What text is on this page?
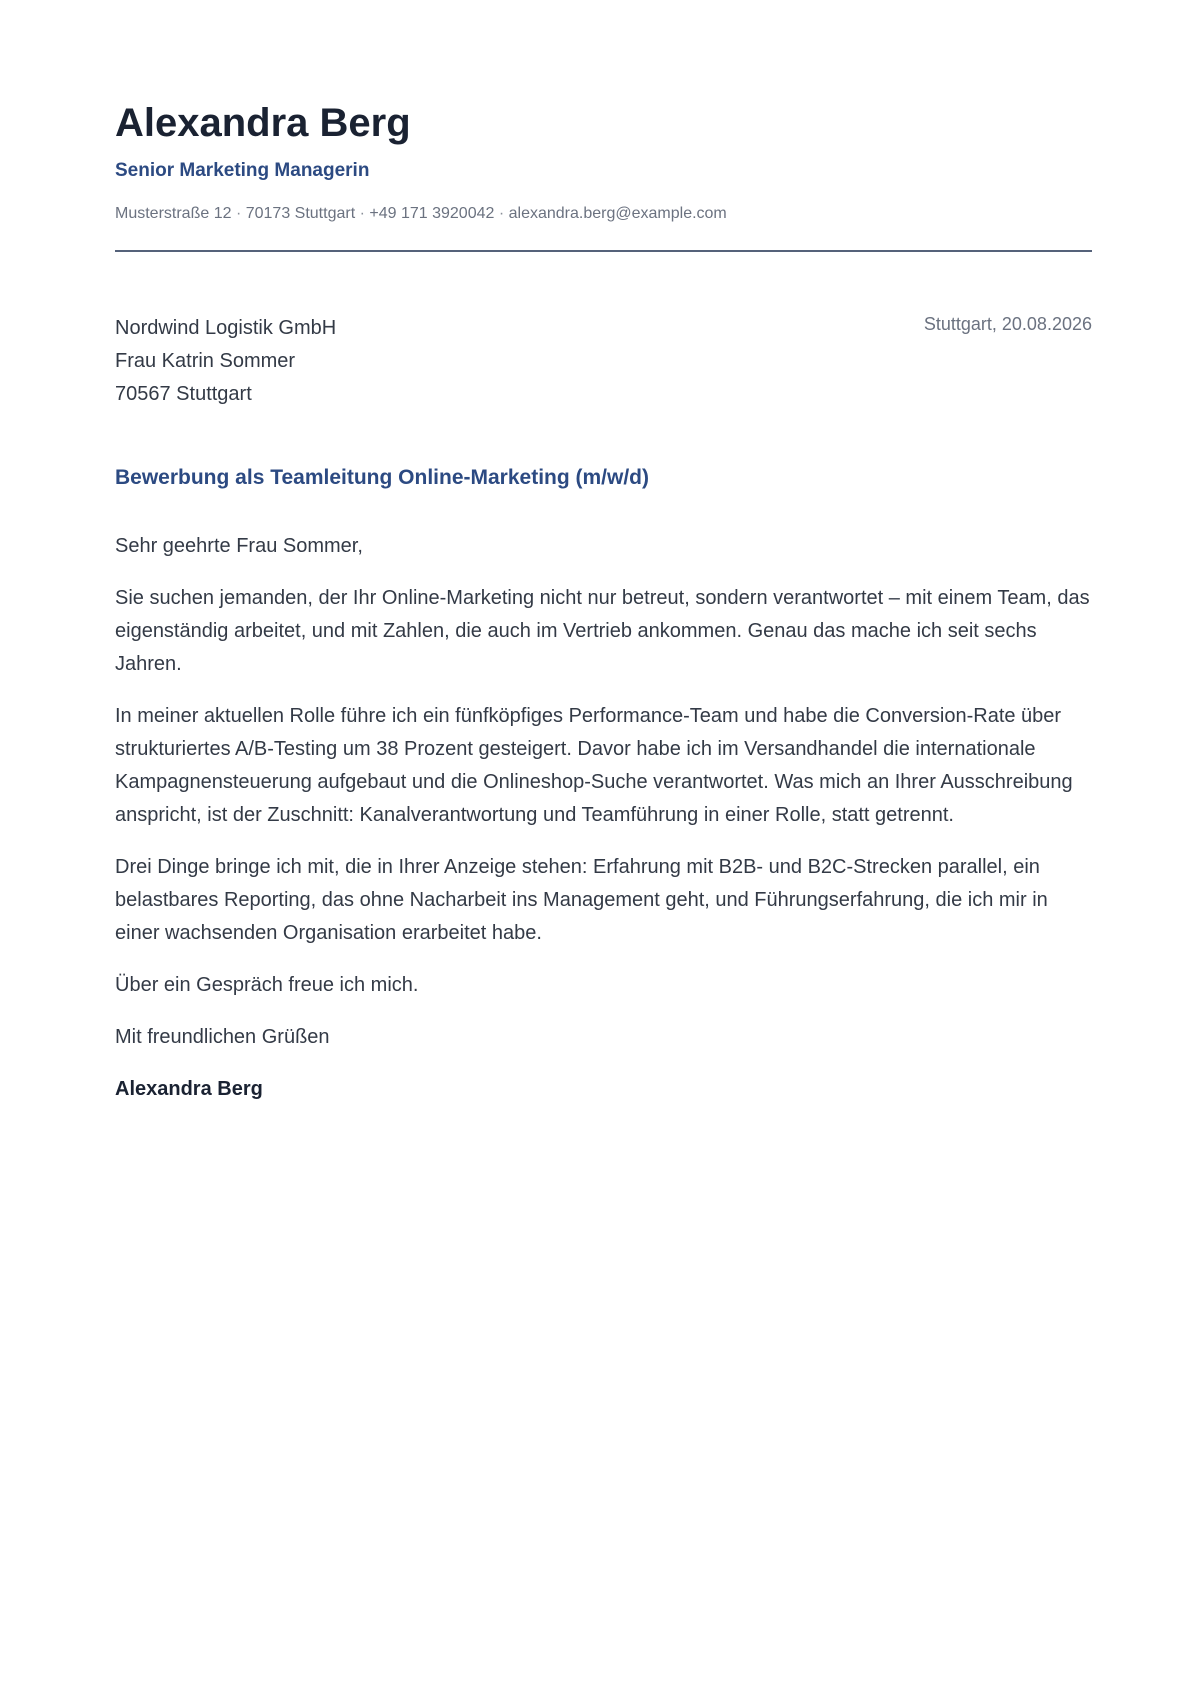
Alexandra Berg
Senior Marketing Managerin
Musterstraße 12 · 70173 Stuttgart · +49 171 3920042 · alexandra.berg@example.com
Nordwind Logistik GmbH
Frau Katrin Sommer
70567 Stuttgart
Stuttgart, 20.08.2026
Bewerbung als Teamleitung Online-Marketing (m/w/d)

Sehr geehrte Frau Sommer,

Sie suchen jemanden, der Ihr Online-Marketing nicht nur betreut, sondern verantwortet – mit einem Team, das eigenständig arbeitet, und mit Zahlen, die auch im Vertrieb ankommen. Genau das mache ich seit sechs Jahren.

In meiner aktuellen Rolle führe ich ein fünfköpfiges Performance-Team und habe die Conversion-Rate über strukturiertes A/B-Testing um 38 Prozent gesteigert. Davor habe ich im Versandhandel die internationale Kampagnensteuerung aufgebaut und die Onlineshop-Suche verantwortet. Was mich an Ihrer Ausschreibung anspricht, ist der Zuschnitt: Kanalverantwortung und Teamführung in einer Rolle, statt getrennt.

Drei Dinge bringe ich mit, die in Ihrer Anzeige stehen: Erfahrung mit B2B- und B2C-Strecken parallel, ein belastbares Reporting, das ohne Nacharbeit ins Management geht, und Führungserfahrung, die ich mir in einer wachsenden Organisation erarbeitet habe.

Über ein Gespräch freue ich mich.

Mit freundlichen Grüßen

Alexandra Berg
